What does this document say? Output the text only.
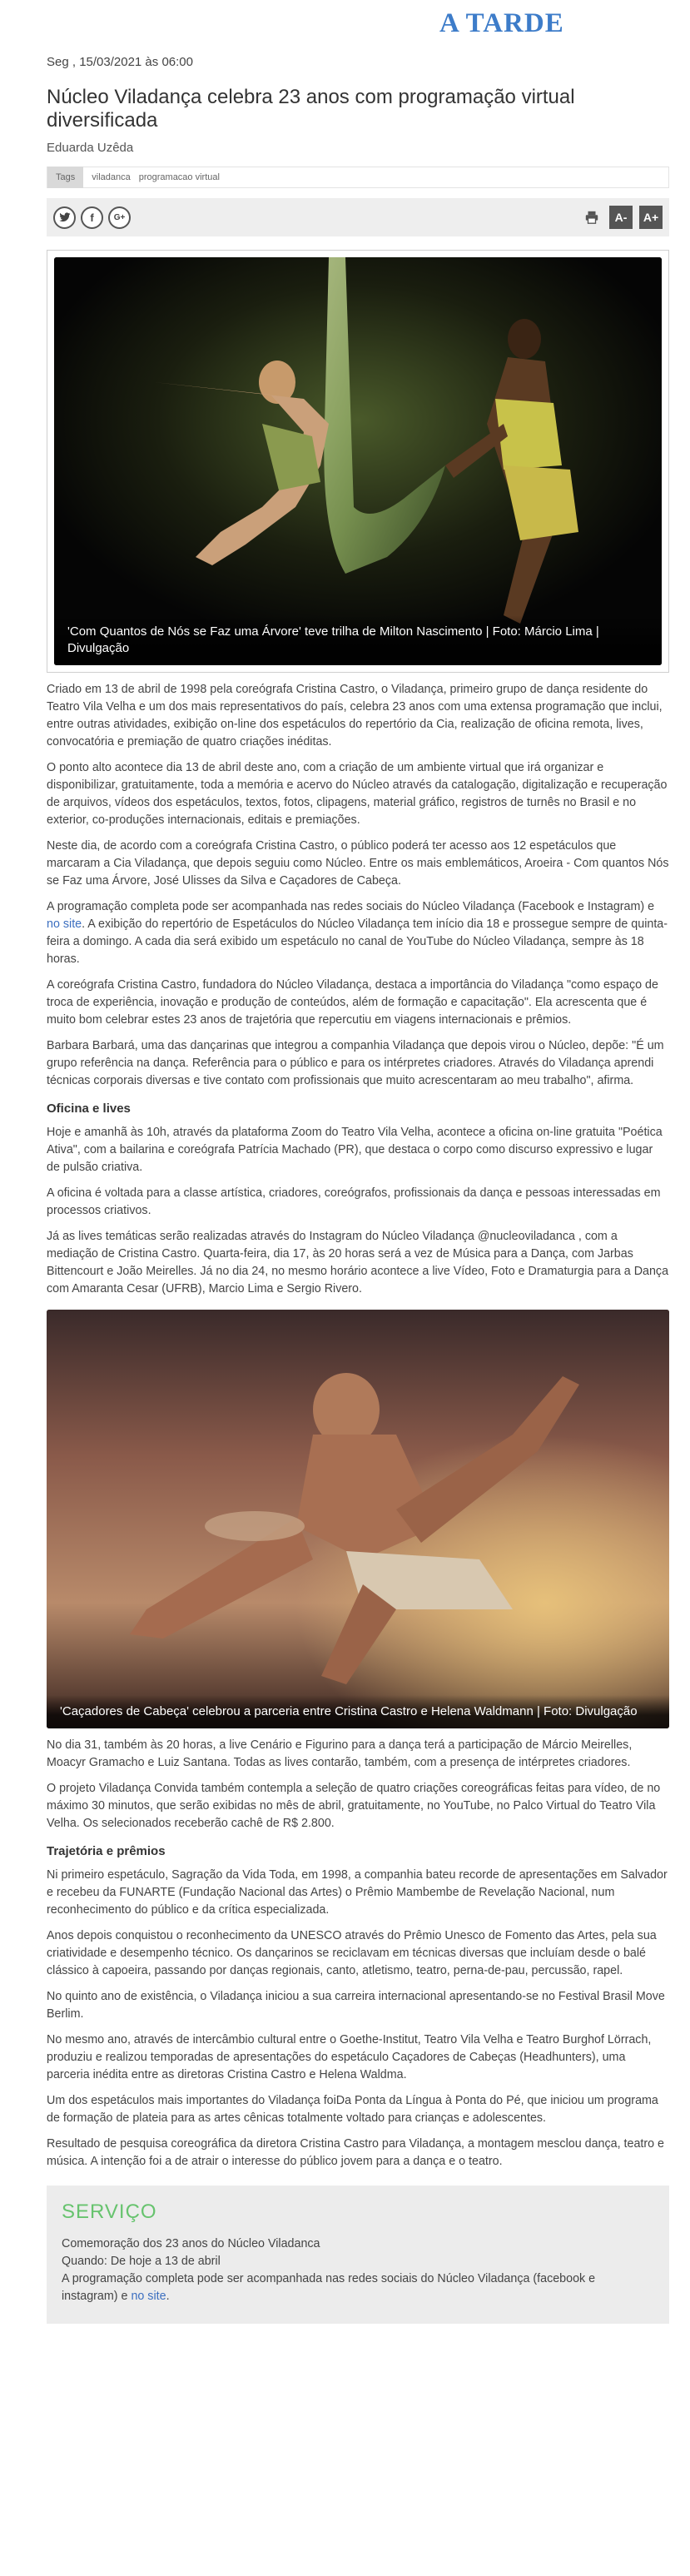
A TARDE
Seg , 15/03/2021 às 06:00
Núcleo Viladança celebra 23 anos com programação virtual diversificada
Eduarda Uzêda
Tags	viladanca programacao virtual
f G+	A-	A+
'Com Quantos de Nós se Faz uma Árvore' teve trilha de Milton Nascimento | Foto: Márcio Lima | Divulgação

Criado em 13 de abril de 1998 pela coreógrafa Cristina Castro, o Viladança, primeiro grupo de dança residente do Teatro Vila Velha e um dos mais representativos do país, celebra 23 anos com uma extensa programação que inclui, entre outras atividades, exibição on-line dos espetáculos do repertório da Cia, realização de oficina remota, lives, convocatória e premiação de quatro criações inéditas.

O ponto alto acontece dia 13 de abril deste ano, com a criação de um ambiente virtual que irá organizar e disponibilizar, gratuitamente, toda a memória e acervo do Núcleo através da catalogação, digitalização e recuperação de arquivos, vídeos dos espetáculos, textos, fotos, clipagens, material gráfico, registros de turnês no Brasil e no exterior, co-produções internacionais, editais e premiações.

Neste dia, de acordo com a coreógrafa Cristina Castro, o público poderá ter acesso aos 12 espetáculos que marcaram a Cia Viladança, que depois seguiu como Núcleo. Entre os mais emblemáticos, Aroeira - Com quantos Nós se Faz uma Árvore, José Ulisses da Silva e Caçadores de Cabeça.

A programação completa pode ser acompanhada nas redes sociais do Núcleo Viladança (Facebook e Instagram) e no site. A exibição do repertório de Espetáculos do Núcleo Viladança tem início dia 18 e prossegue sempre de quinta-feira a domingo. A cada dia será exibido um espetáculo no canal de YouTube do Núcleo Viladança, sempre às 18 horas.

A coreógrafa Cristina Castro, fundadora do Núcleo Viladança, destaca a importância do Viladança "como espaço de troca de experiência, inovação e produção de conteúdos, além de formação e capacitação". Ela acrescenta que é muito bom celebrar estes 23 anos de trajetória que repercutiu em viagens internacionais e prêmios.

Barbara Barbará, uma das dançarinas que integrou a companhia Viladança que depois virou o Núcleo, depõe: "É um grupo referência na dança. Referência para o público e para os intérpretes criadores. Através do Viladança aprendi técnicas corporais diversas e tive contato com profissionais que muito acrescentaram ao meu trabalho", afirma.

Oficina e lives

Hoje e amanhã às 10h, através da plataforma Zoom do Teatro Vila Velha, acontece a oficina on-line gratuita "Poética Ativa", com a bailarina e coreógrafa Patrícia Machado (PR), que destaca o corpo como discurso expressivo e lugar de pulsão criativa.

A oficina é voltada para a classe artística, criadores, coreógrafos, profissionais da dança e pessoas interessadas em processos criativos.

Já as lives temáticas serão realizadas através do Instagram do Núcleo Viladança @nucleoviladanca , com a mediação de Cristina Castro. Quarta-feira, dia 17, às 20 horas será a vez de Música para a Dança, com Jarbas Bittencourt e João Meirelles. Já no dia 24, no mesmo horário acontece a live Vídeo, Foto e Dramaturgia para a Dança com Amaranta Cesar (UFRB), Marcio Lima e Sergio Rivero.

'Caçadores de Cabeça' celebrou a parceria entre Cristina Castro e Helena Waldmann | Foto: Divulgação

No dia 31, também às 20 horas, a live Cenário e Figurino para a dança terá a participação de Márcio Meirelles, Moacyr Gramacho e Luiz Santana. Todas as lives contarão, também, com a presença de intérpretes criadores.

O projeto Viladança Convida também contempla a seleção de quatro criações coreográficas feitas para vídeo, de no máximo 30 minutos, que serão exibidas no mês de abril, gratuitamente, no YouTube, no Palco Virtual do Teatro Vila Velha. Os selecionados receberão cachê de R$ 2.800.

Trajetória e prêmios

Ni primeiro espetáculo, Sagração da Vida Toda, em 1998, a companhia bateu recorde de apresentações em Salvador e recebeu da FUNARTE (Fundação Nacional das Artes) o Prêmio Mambembe de Revelação Nacional, num reconhecimento do público e da crítica especializada.

Anos depois conquistou o reconhecimento da UNESCO através do Prêmio Unesco de Fomento das Artes, pela sua criatividade e desempenho técnico. Os dançarinos se reciclavam em técnicas diversas que incluíam desde o balé clássico à capoeira, passando por danças regionais, canto, atletismo, teatro, perna-de-pau, percussão, rapel.

No quinto ano de existência, o Viladança iniciou a sua carreira internacional apresentando-se no Festival Brasil Move Berlim.

No mesmo ano, através de intercâmbio cultural entre o Goethe-Institut, Teatro Vila Velha e Teatro Burghof Lörrach, produziu e realizou temporadas de apresentações do espetáculo Caçadores de Cabeças (Headhunters), uma parceria inédita entre as diretoras Cristina Castro e Helena Waldma.

Um dos espetáculos mais importantes do Viladança foiDa Ponta da Língua à Ponta do Pé, que iniciou um programa de formação de plateia para as artes cênicas totalmente voltado para crianças e adolescentes.

Resultado de pesquisa coreográfica da diretora Cristina Castro para Viladança, a montagem mesclou dança, teatro e música. A intenção foi a de atrair o interesse do público jovem para a dança e o teatro.

SERVIÇO

Comemoração dos 23 anos do Núcleo Viladanca

Quando: De hoje a 13 de abril

A programação completa pode ser acompanhada nas redes sociais do Núcleo Viladança (facebook e instagram) e no site.
